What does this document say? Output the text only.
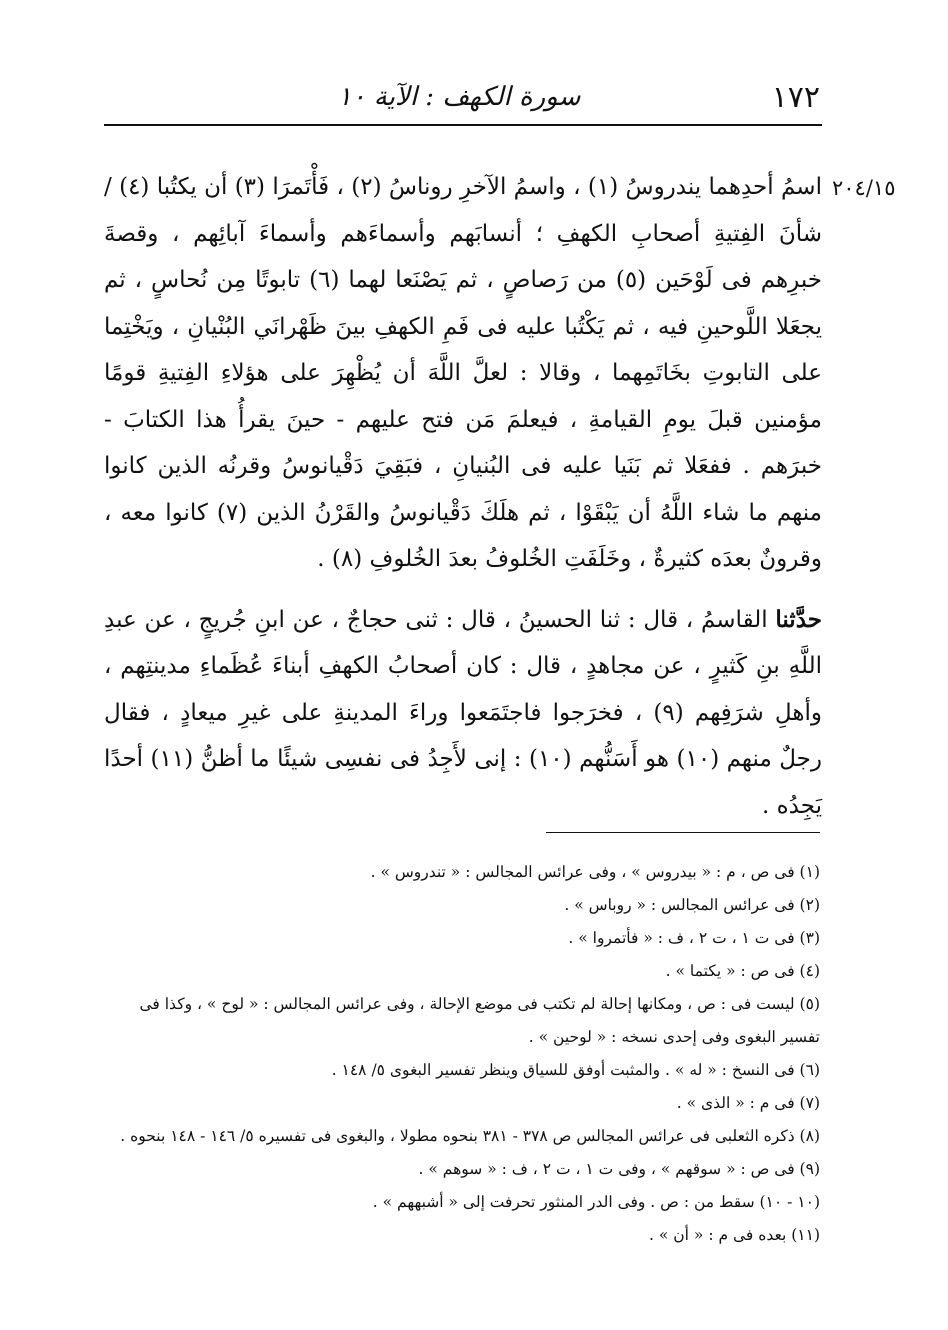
١٧٢
سورة الكهف : الآية ١٠
٢٠٤/١٥

اسمُ أحدِهما يندروسُ (١) ، واسمُ الآخرِ روناسُ (٢) ، فَأْتَمرَا (٣) أن يكتُبا (٤) / شأنَ الفِتيةِ أصحابِ الكهفِ ؛ أنسابَهم وأسماءَهم وأسماءَ آبائِهم ، وقصةَ خبرِهم فى لَوْحَين (٥) من رَصاصٍ ، ثم يَصْنَعا لهما (٦) تابوتًا مِن نُحاسٍ ، ثم يجعَلا اللَّوحينِ فيه ، ثم يَكْتُبا عليه فى فَمِ الكهفِ بينَ ظَهْرانَي البُنْيانِ ، ويَخْتِما على التابوتِ بخَاتَمِهما ، وقالا : لعلَّ اللَّهَ أن يُظْهِرَ على هؤلاءِ الفِتيةِ قومًا مؤمنين قبلَ يومِ القيامةِ ، فيعلمَ مَن فتح عليهم - حينَ يقرأُ هذا الكتابَ - خبرَهم . ففعَلا ثم بَنَيا عليه فى البُنيانِ ، فبَقِيَ دَقْيانوسُ وقرنُه الذين كانوا منهم ما شاء اللَّهُ أن يَبْقَوْا ، ثم هلَكَ دَقْيانوسُ والقَرْنُ الذين (٧) كانوا معه ، وقرونٌ بعدَه كثيرةٌ ، وخَلَفَتِ الخُلوفُ بعدَ الخُلوفِ (٨) .

حدَّثنا القاسمُ ، قال : ثنا الحسينُ ، قال : ثنى حجاجٌ ، عن ابنِ جُريجٍ ، عن عبدِ اللَّهِ بنِ كَثيرٍ ، عن مجاهدٍ ، قال : كان أصحابُ الكهفِ أبناءَ عُظَماءِ مدينتِهم ، وأهلِ شرَفِهم (٩) ، فخرَجوا فاجتَمَعوا وراءَ المدينةِ على غيرِ ميعادٍ ، فقال رجلٌ منهم (١٠) هو أَسَنُّهم (١٠) : إنى لأَجِدُ فى نفسِى شيئًا ما أظنُّ (١١) أحدًا يَجِدُه .

(١) فى ص ، م : « بيدروس » ، وفى عرائس المجالس : « تندروس » .

(٢) فى عرائس المجالس : « روباس » .

(٣) فى ت ١ ، ت ٢ ، ف : « فأتمروا » .

(٤) فى ص : « يكتما » .

(٥) ليست فى : ص ، ومكانها إحالة لم تكتب فى موضع الإحالة ، وفى عرائس المجالس : « لوح » ، وكذا فى تفسير البغوى وفى إحدى نسخه : « لوحين » .

(٦) فى النسخ : « له » . والمثبت أوفق للسياق وينظر تفسير البغوى ٥/ ١٤٨ .

(٧) فى م : « الذى » .

(٨) ذكره الثعلبى فى عرائس المجالس ص ٣٧٨ - ٣٨١ بنحوه مطولا ، والبغوى فى تفسيره ٥/ ١٤٦ - ١٤٨ بنحوه .

(٩) فى ص : « سوقهم » ، وفى ت ١ ، ت ٢ ، ف : « سوهم » .

(١٠ - ١٠) سقط من : ص . وفى الدر المنثور تحرفت إلى « أشبههم » .

(١١) بعده فى م : « أن » .
